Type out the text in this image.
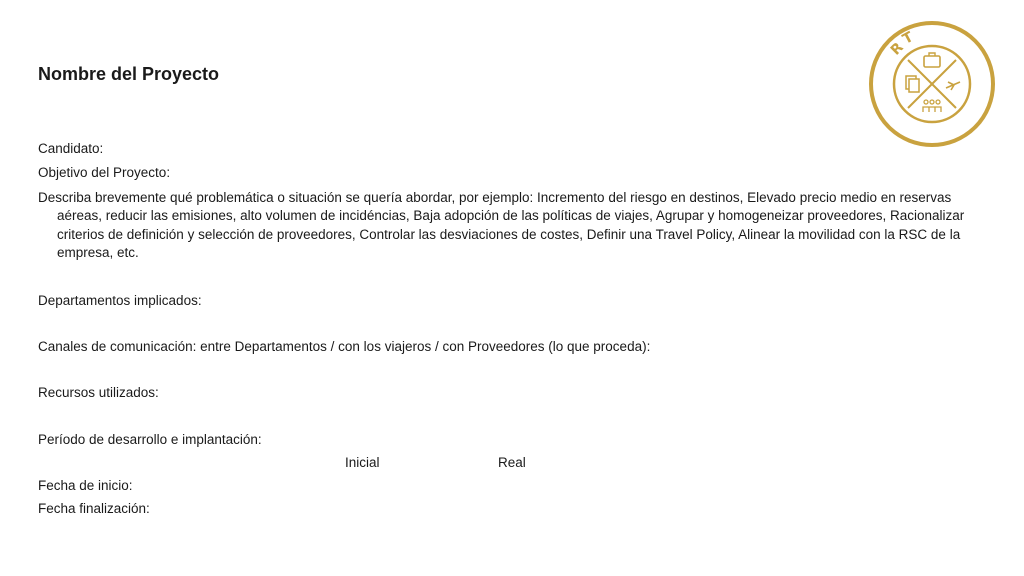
Nombre del Proyecto

Candidato:

Objetivo del Proyecto:

Describa brevemente qué problemática o situación se quería abordar, por ejemplo: Incremento del riesgo en destinos, Elevado precio medio en reservas aéreas, reducir las emisiones, alto volumen de incidéncias, Baja adopción de las políticas de viajes, Agrupar y homogeneizar proveedores, Racionalizar criterios de definición y selección de proveedores, Controlar las desviaciones de costes, Definir una Travel Policy, Alinear la movilidad con la RSC de la empresa, etc.

Departamentos implicados:

Canales de comunicación: entre Departamentos / con los viajeros / con Proveedores (lo que proceda):

Recursos utilizados:

Período de desarrollo e implantación:

Inicial	Real

Fecha de inicio:

Fecha finalización:

T
R
